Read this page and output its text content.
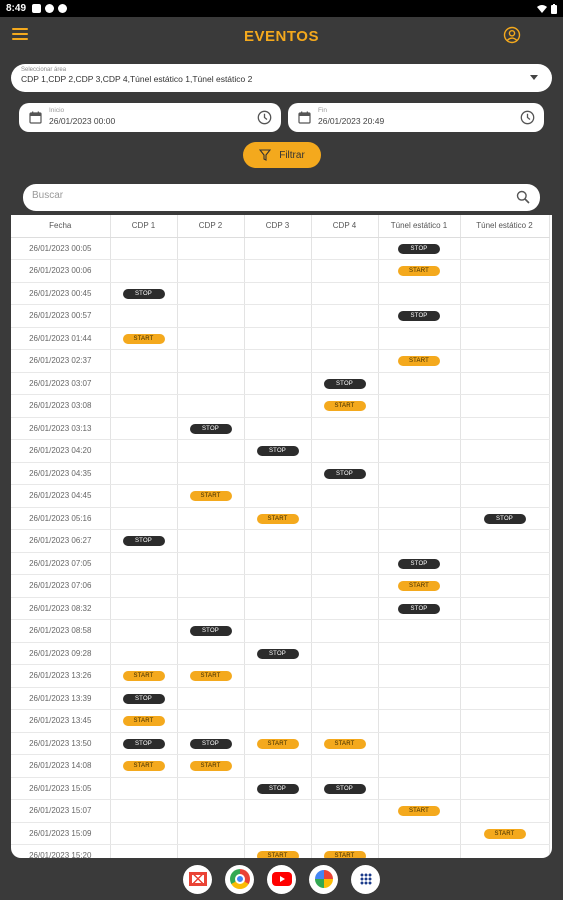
8:49
EVENTOS
Seleccionar área
CDP 1,CDP 2,CDP 3,CDP 4,Túnel estático 1,Túnel estático 2
Inicio
26/01/2023 00:00
Fin
26/01/2023 20:49
Filtrar
Buscar
Fecha	CDP 1	CDP 2	CDP 3	CDP 4	Túnel estático 1	Túnel estático 2
26/01/2023 00:05					STOP	
26/01/2023 00:06					START	
26/01/2023 00:45	STOP					
26/01/2023 00:57					STOP	
26/01/2023 01:44	START					
26/01/2023 02:37					START	
26/01/2023 03:07				STOP		
26/01/2023 03:08				START		
26/01/2023 03:13		STOP				
26/01/2023 04:20			STOP			
26/01/2023 04:35				STOP		
26/01/2023 04:45		START				
26/01/2023 05:16			START			STOP
26/01/2023 06:27	STOP					
26/01/2023 07:05					STOP	
26/01/2023 07:06					START	
26/01/2023 08:32					STOP	
26/01/2023 08:58		STOP				
26/01/2023 09:28			STOP			
26/01/2023 13:26	START	START				
26/01/2023 13:39	STOP					
26/01/2023 13:45	START					
26/01/2023 13:50	STOP	STOP	START	START		
26/01/2023 14:08	START	START				
26/01/2023 15:05			STOP	STOP		
26/01/2023 15:07					START	
26/01/2023 15:09						START
26/01/2023 15:20			START	START		
